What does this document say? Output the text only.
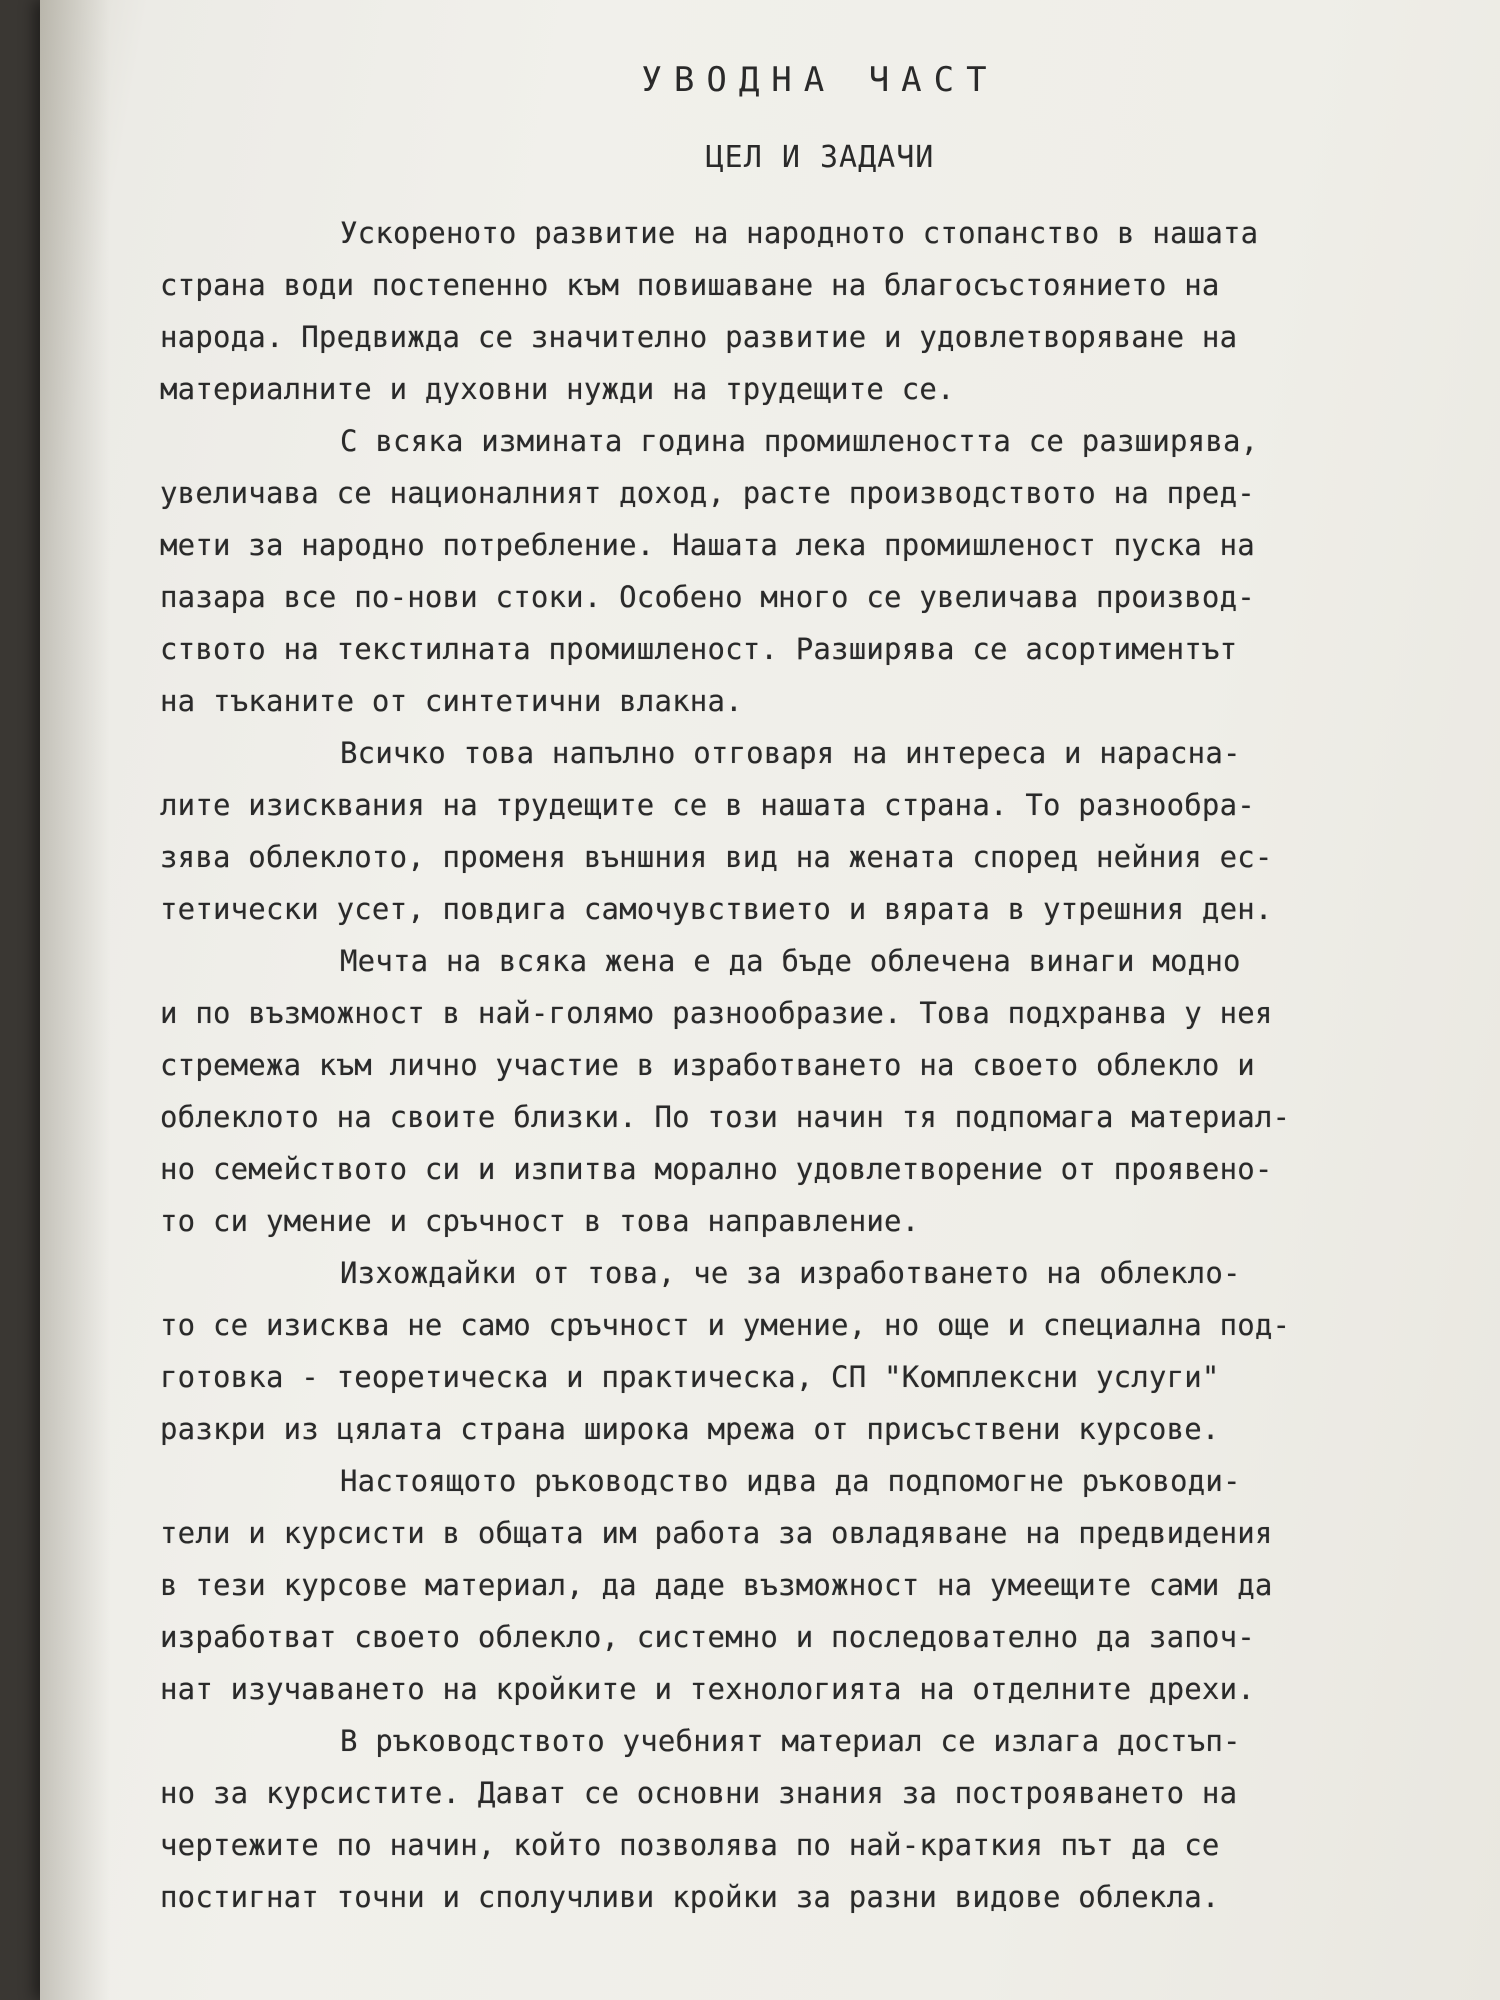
УВОДНА ЧАСТ
ЦЕЛ И ЗАДАЧИ
Ускореното развитие на народното стопанство в нашата
страна води постепенно към повишаване на благосъстоянието на
народа. Предвижда се значително развитие и удовлетворяване на
материалните и духовни нужди на трудещите се.
С всяка измината година промишлеността се разширява,
увеличава се националният доход, расте производството на пред-
мети за народно потребление. Нашата лека промишленост пуска на
пазара все по-нови стоки. Особено много се увеличава производ-
ството на текстилната промишленост. Разширява се асортиментът
на тъканите от синтетични влакна.
Всичко това напълно отговаря на интереса и нарасна-
лите изисквания на трудещите се в нашата страна. То разнообра-
зява облеклото, променя външния вид на жената според нейния ес-
тетически усет, повдига самочувствието и вярата в утрешния ден.
Мечта на всяка жена е да бъде облечена винаги модно
и по възможност в най-голямо разнообразие. Това подхранва у нея
стремежа към лично участие в изработването на своето облекло и
облеклото на своите близки. По този начин тя подпомага материал-
но семейството си и изпитва морално удовлетворение от проявено-
то си умение и сръчност в това направление.
Изхождайки от това, че за изработването на облекло-
то се изисква не само сръчност и умение, но още и специална под-
готовка - теоретическа и практическа, СП "Комплексни услуги"
разкри из цялата страна широка мрежа от присъствени курсове.
Настоящото ръководство идва да подпомогне ръководи-
тели и курсисти в общата им работа за овладяване на предвидения
в тези курсове материал, да даде възможност на умеещите сами да
изработват своето облекло, системно и последователно да започ-
нат изучаването на кройките и технологията на отделните дрехи.
В ръководството учебният материал се излага достъп-
но за курсистите. Дават се основни знания за построяването на
чертежите по начин, който позволява по най-краткия път да се
постигнат точни и сполучливи кройки за разни видове облекла.
